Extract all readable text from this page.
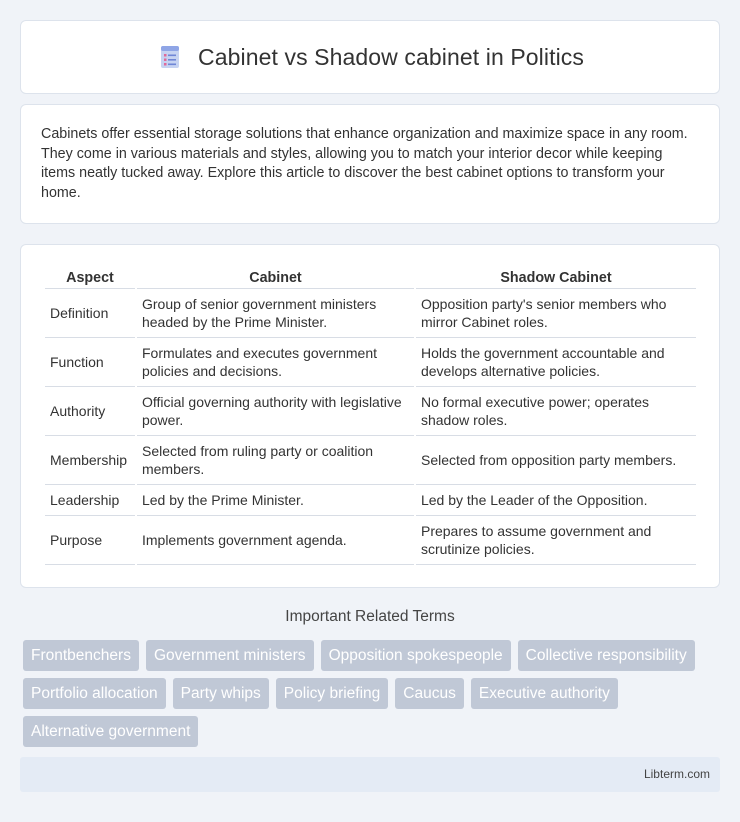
Cabinet vs Shadow cabinet in Politics

Cabinets offer essential storage solutions that enhance organization and maximize space in any room. They come in various materials and styles, allowing you to match your interior decor while keeping items neatly tucked away. Explore this article to discover the best cabinet options to transform your home.

Aspect	Cabinet	Shadow Cabinet
Definition	Group of senior government ministers headed by the Prime Minister.	Opposition party's senior members who mirror Cabinet roles.
Function	Formulates and executes government policies and decisions.	Holds the government accountable and develops alternative policies.
Authority	Official governing authority with legislative power.	No formal executive power; operates shadow roles.
Membership	Selected from ruling party or coalition members.	Selected from opposition party members.
Leadership	Led by the Prime Minister.	Led by the Leader of the Opposition.
Purpose	Implements government agenda.	Prepares to assume government and scrutinize policies.
Important Related Terms
Frontbenchers	Government ministers	Opposition spokespeople	Collective responsibility
Portfolio allocation	Party whips	Policy briefing	Caucus	Executive authority
Alternative government
Libterm.com
